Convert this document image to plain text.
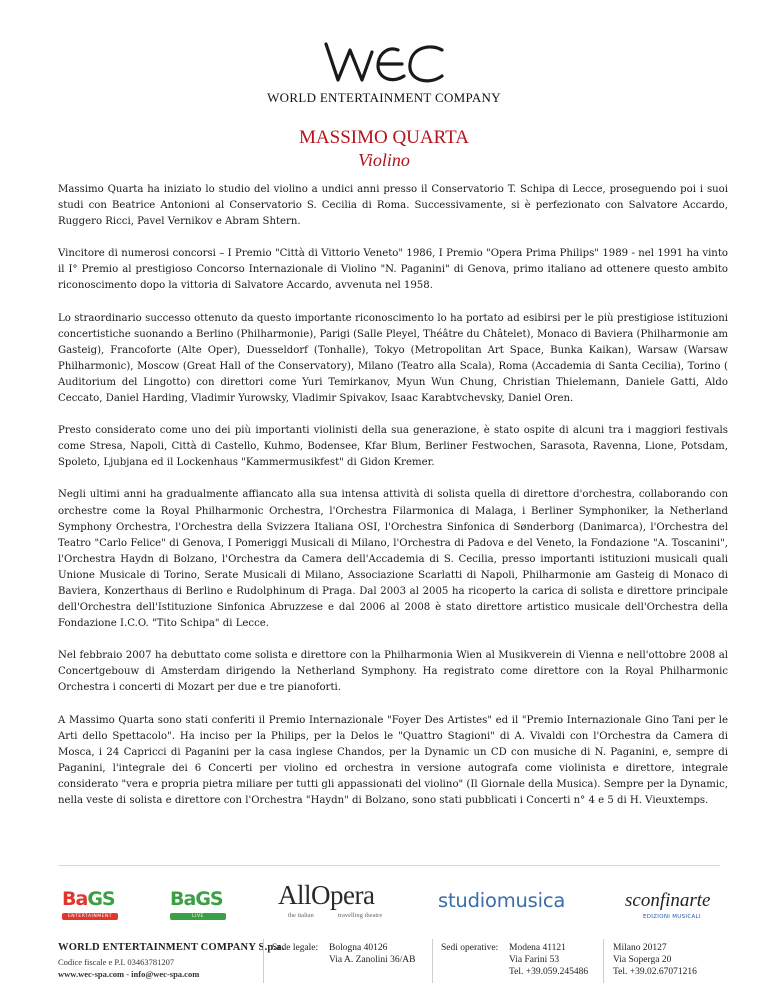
WORLD ENTERTAINMENT COMPANY
MASSIMO QUARTA
Violino

Massimo Quarta ha iniziato lo studio del violino a undici anni presso il Conservatorio T. Schipa di Lecce, proseguendo poi i suoi studi con Beatrice Antonioni al Conservatorio S. Cecilia di Roma. Successivamente, si è perfezionato con Salvatore Accardo, Ruggero Ricci, Pavel Vernikov e Abram Shtern.

Vincitore di numerosi concorsi – I Premio "Città di Vittorio Veneto" 1986, I Premio "Opera Prima Philips" 1989 - nel 1991 ha vinto il I° Premio al prestigioso Concorso Internazionale di Violino "N. Paganini" di Genova, primo italiano ad ottenere questo ambito riconoscimento dopo la vittoria di Salvatore Accardo, avvenuta nel 1958.

Lo straordinario successo ottenuto da questo importante riconoscimento lo ha portato ad esibirsi per le più prestigiose istituzioni concertistiche suonando a Berlino (Philharmonie), Parigi (Salle Pleyel, Théâtre du Châtelet), Monaco di Baviera (Philharmonie am Gasteig), Francoforte (Alte Oper), Duesseldorf (Tonhalle), Tokyo (Metropolitan Art Space, Bunka Kaikan), Warsaw (Warsaw Philharmonic), Moscow (Great Hall of the Conservatory), Milano (Teatro alla Scala), Roma (Accademia di Santa Cecilia), Torino ( Auditorium del Lingotto) con direttori come Yuri Temirkanov, Myun Wun Chung, Christian Thielemann, Daniele Gatti, Aldo Ceccato, Daniel Harding, Vladimir Yurowsky, Vladimir Spivakov, Isaac Karabtvchevsky, Daniel Oren.

Presto considerato come uno dei più importanti violinisti della sua generazione, è stato ospite di alcuni tra i maggiori festivals come Stresa, Napoli, Città di Castello, Kuhmo, Bodensee, Kfar Blum, Berliner Festwochen, Sarasota, Ravenna, Lione, Potsdam, Spoleto, Ljubjana ed il Lockenhaus "Kammermusikfest" di Gidon Kremer.

Negli ultimi anni ha gradualmente affiancato alla sua intensa attività di solista quella di direttore d'orchestra, collaborando con orchestre come la Royal Philharmonic Orchestra, l'Orchestra Filarmonica di Malaga, i Berliner Symphoniker, la Netherland Symphony Orchestra, l'Orchestra della Svizzera Italiana OSI, l'Orchestra Sinfonica di Sønderborg (Danimarca), l'Orchestra del Teatro "Carlo Felice" di Genova, I Pomeriggi Musicali di Milano, l'Orchestra di Padova e del Veneto, la Fondazione "A. Toscanini", l'Orchestra Haydn di Bolzano, l'Orchestra da Camera dell'Accademia di S. Cecilia, presso importanti istituzioni musicali quali Unione Musicale di Torino, Serate Musicali di Milano, Associazione Scarlatti di Napoli, Philharmonie am Gasteig di Monaco di Baviera, Konzerthaus di Berlino e Rudolphinum di Praga. Dal 2003 al 2005 ha ricoperto la carica di solista e direttore principale dell'Orchestra dell'Istituzione Sinfonica Abruzzese e dal 2006 al 2008 è stato direttore artistico musicale dell'Orchestra della Fondazione I.C.O. "Tito Schipa" di Lecce.

Nel febbraio 2007 ha debuttato come solista e direttore con la Philharmonia Wien al Musikverein di Vienna e nell'ottobre 2008 al Concertgebouw di Amsterdam dirigendo la Netherland Symphony. Ha registrato come direttore con la Royal Philharmonic Orchestra i concerti di Mozart per due e tre pianoforti.

A Massimo Quarta sono stati conferiti il Premio Internazionale "Foyer Des Artistes" ed il "Premio Internazionale Gino Tani per le Arti dello Spettacolo". Ha inciso per la Philips, per la Delos le "Quattro Stagioni" di A. Vivaldi con l'Orchestra da Camera di Mosca, i 24 Capricci di Paganini per la casa inglese Chandos, per la Dynamic un CD con musiche di N. Paganini, e, sempre di Paganini, l'integrale dei 6 Concerti per violino ed orchestra in versione autografa come violinista e direttore, integrale considerato "vera e propria pietra miliare per tutti gli appassionati del violino" (Il Giornale della Musica). Sempre per la Dynamic, nella veste di solista e direttore con l'Orchestra "Haydn" di Bolzano, sono stati pubblicati i Concerti n° 4 e 5 di H. Vieuxtemps.

BaGS
ENTERTAINMENT
BaGS
LIVE
AllOpera
the italian	travelling theatre
studiomusica	sconfinarte
EDIZIONI MUSICALI
WORLD ENTERTAINMENT COMPANY S.p.a.
Codice fiscale e P.I. 03463781207
www.wec-spa.com - info@wec-spa.com
Sede legale: Bologna 40126
Via A. Zanolini 36/AB
Sedi operative: Modena 41121
Via Farini 53
Tel. +39.059.245486
Milano 20127
Via Soperga 20
Tel. +39.02.67071216
